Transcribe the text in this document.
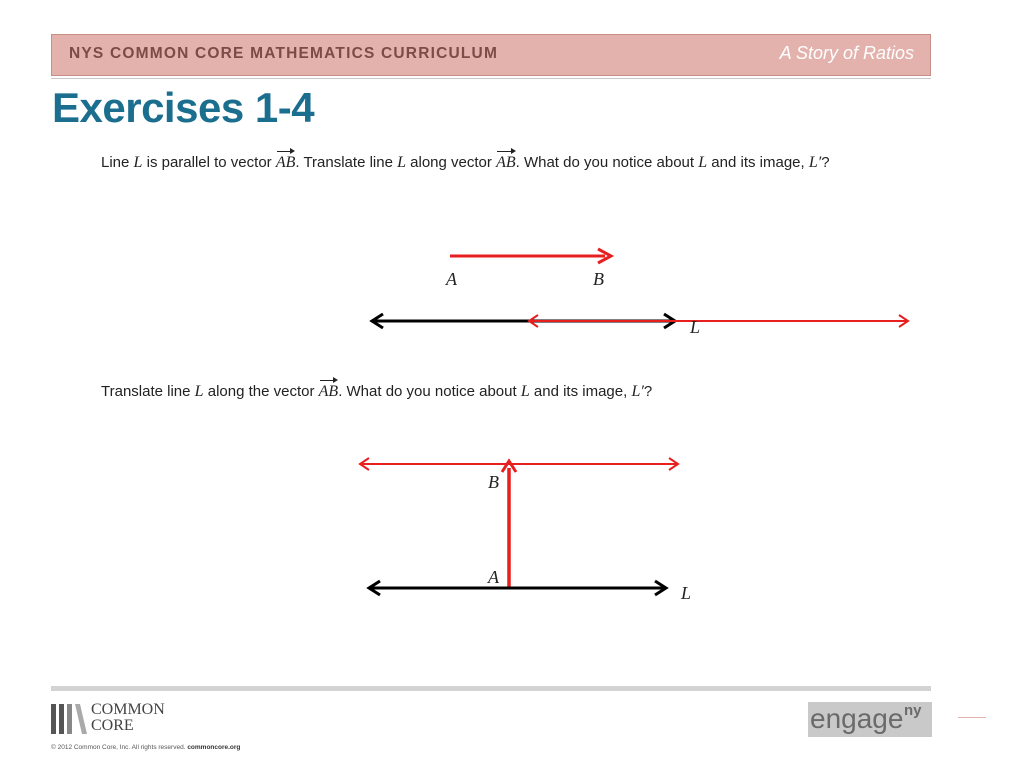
NYS COMMON CORE MATHEMATICS CURRICULUM	A Story of Ratios
Exercises 1-4

Line L is parallel to vector AB. Translate line L along vector AB. What do you notice about L and its image, L′?

Translate line L along the vector AB. What do you notice about L and its image, L′?

A	B
L
B
A
L
COMMON
CORE
© 2012 Common Core, Inc. All rights reserved. commoncore.org
engage ny
